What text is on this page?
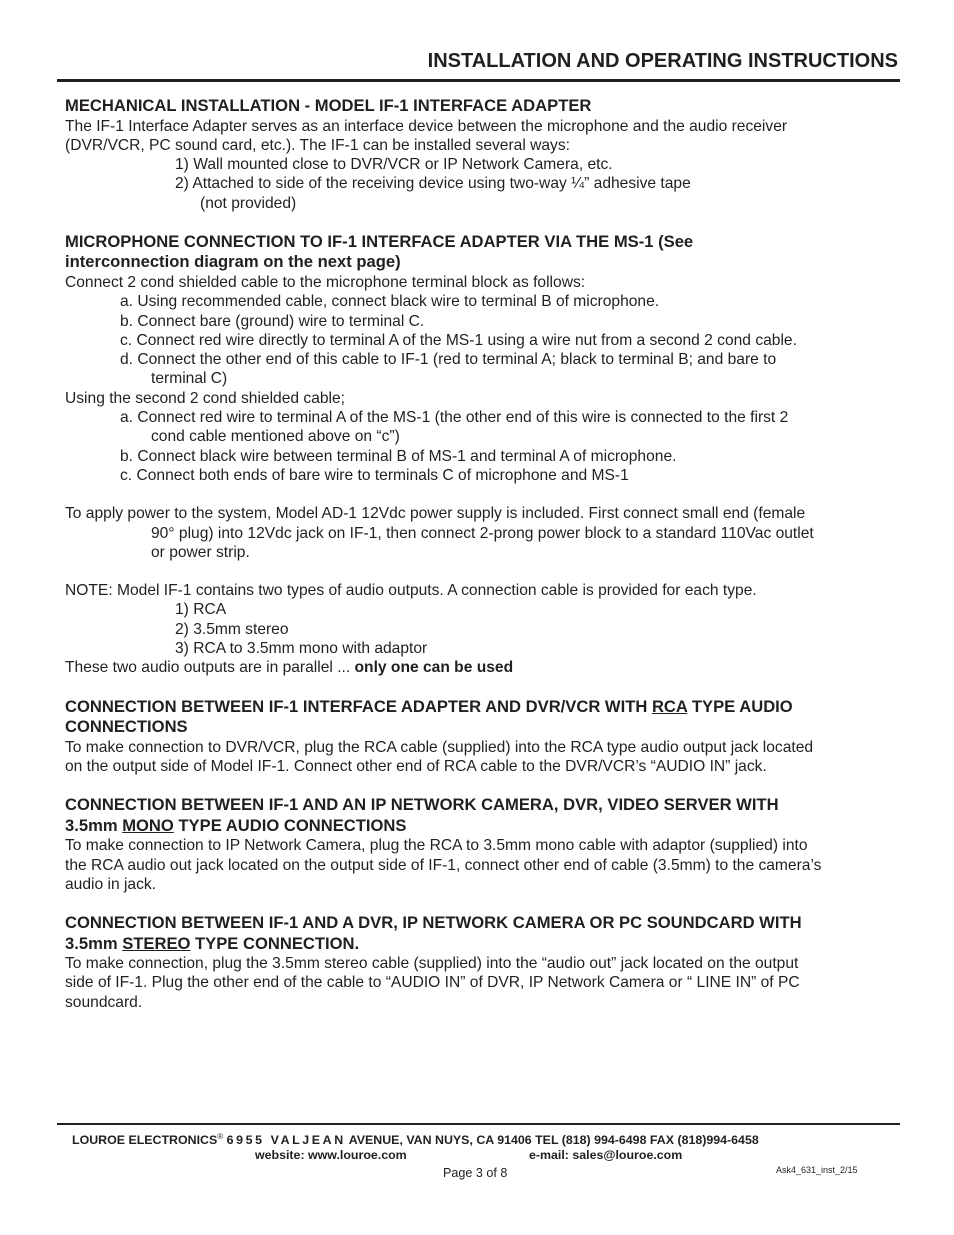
INSTALLATION AND OPERATING INSTRUCTIONS

MECHANICAL INSTALLATION - MODEL IF-1 INTERFACE ADAPTER

The IF-1 Interface Adapter serves as an interface device between the microphone and the audio receiver

(DVR/VCR, PC sound card, etc.). The IF-1 can be installed several ways:

1) Wall mounted close to DVR/VCR or IP Network Camera, etc.

2) Attached to side of the receiving device using two-way ¼” adhesive tape

(not provided)

MICROPHONE CONNECTION TO IF-1 INTERFACE ADAPTER VIA THE MS-1 (See

interconnection diagram on the next page)

Connect 2 cond shielded cable to the microphone terminal block as follows:

a. Using recommended cable, connect black wire to terminal B of microphone.

b. Connect bare (ground) wire to terminal C.

c. Connect red wire directly to terminal A of the MS-1 using a wire nut from a second 2 cond cable.

d. Connect the other end of this cable to IF-1 (red to terminal A; black to terminal B; and bare to

terminal C)

Using the second 2 cond shielded cable;

a. Connect red wire to terminal A of the MS-1 (the other end of this wire is connected to the first 2

cond cable mentioned above on “c”)

b. Connect black wire between terminal B of MS-1 and terminal A of microphone.

c. Connect both ends of bare wire to terminals C of microphone and MS-1

To apply power to the system, Model AD-1 12Vdc power supply is included. First connect small end (female

90° plug) into 12Vdc jack on IF-1, then connect 2-prong power block to a standard 110Vac outlet

or power strip.

NOTE: Model IF-1 contains two types of audio outputs. A connection cable is provided for each type.

1) RCA

2) 3.5mm stereo

3) RCA to 3.5mm mono with adaptor

These two audio outputs are in parallel ... only one can be used

CONNECTION BETWEEN IF-1 INTERFACE ADAPTER AND DVR/VCR WITH RCA TYPE AUDIO

CONNECTIONS

To make connection to DVR/VCR, plug the RCA cable (supplied) into the RCA type audio output jack located

on the output side of Model IF-1. Connect other end of RCA cable to the DVR/VCR’s “AUDIO IN” jack.

CONNECTION BETWEEN IF-1 AND AN IP NETWORK CAMERA, DVR, VIDEO SERVER WITH

3.5mm MONO TYPE AUDIO CONNECTIONS

To make connection to IP Network Camera, plug the RCA to 3.5mm mono cable with adaptor (supplied) into

the RCA audio out jack located on the output side of IF-1, connect other end of cable (3.5mm) to the camera’s

audio in jack.

CONNECTION BETWEEN IF-1 AND A DVR, IP NETWORK CAMERA OR PC SOUNDCARD WITH

3.5mm STEREO TYPE CONNECTION.

To make connection, plug the 3.5mm stereo cable (supplied) into the “audio out” jack located on the output

side of IF-1. Plug the other end of the cable to “AUDIO IN” of DVR, IP Network Camera or “ LINE IN” of PC

soundcard.

LOUROE ELECTRONICS® 6955 VALJEAN AVENUE, VAN NUYS, CA 91406 TEL (818) 994-6498 FAX (818)994-6458
website: www.louroe.com	e-mail: sales@louroe.com
Page 3 of 8	Ask4_631_inst_2/15
